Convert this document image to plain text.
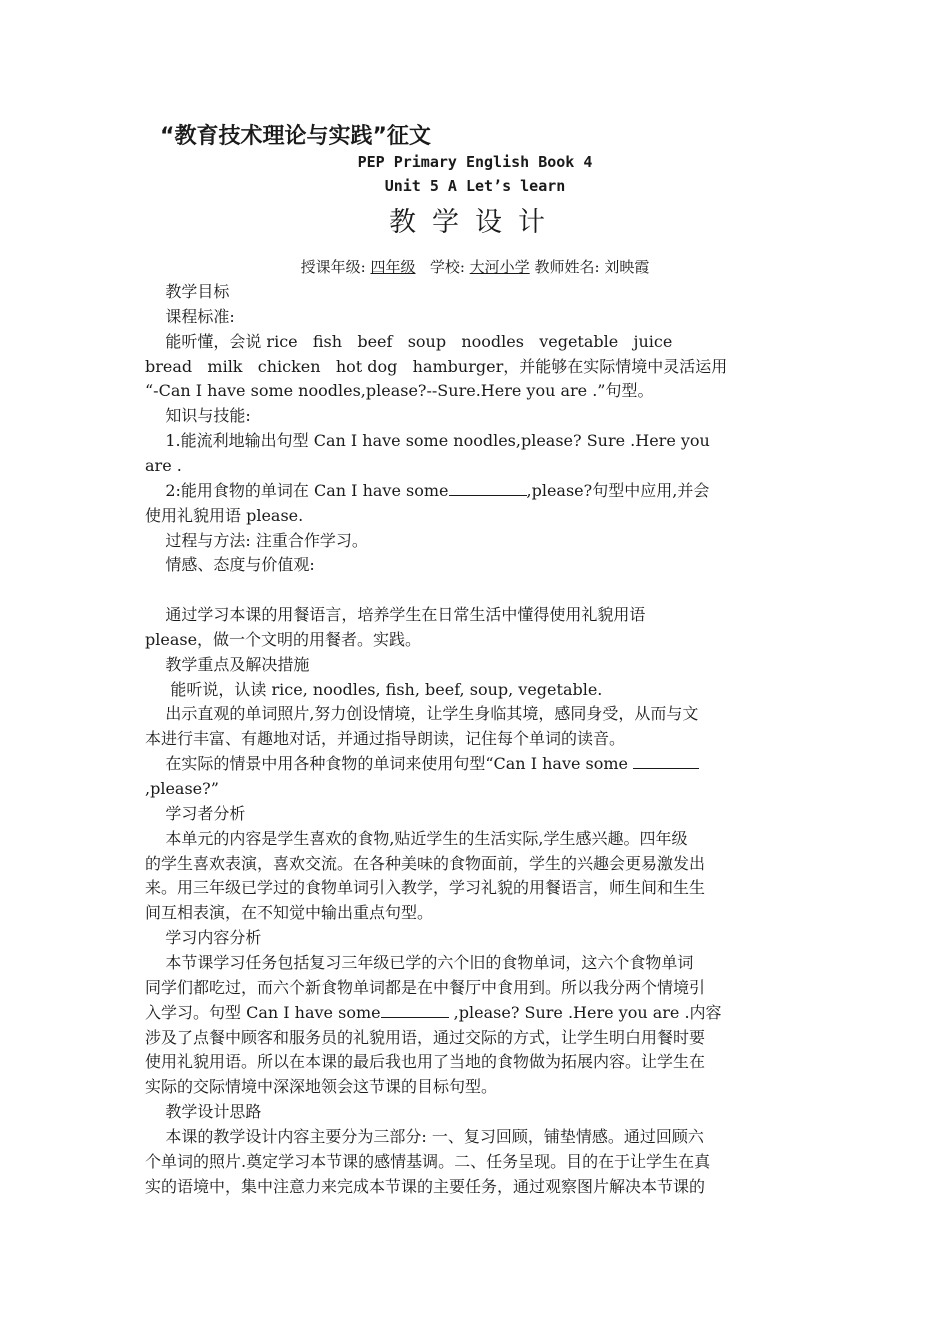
“教育技术理论与实践”征文
PEP Primary English Book 4
Unit 5 A Let’s learn
教学设计
授课年级: 四年级 学校: 大河小学 教师姓名: 刘映霞
教学目标
课程标准:
能听懂，会说 rice   fish   beef   soup   noodles   vegetable   juice
bread   milk   chicken   hot dog   hamburger，并能够在实际情境中灵活运用
“-Can I have some noodles,please?--Sure.Here you are .”句型。
知识与技能:
1.能流利地输出句型 Can I have some noodles,please? Sure .Here you
are .
2:能用食物的单词在 Can I have some	,please?句型中应用,并会
使用礼貌用语 please.
过程与方法: 注重合作学习。
情感、态度与价值观:
通过学习本课的用餐语言，培养学生在日常生活中懂得使用礼貌用语
please，做一个文明的用餐者。实践。
教学重点及解决措施
能听说，认读 rice, noodles, fish, beef, soup, vegetable.
出示直观的单词照片,努力创设情境，让学生身临其境，感同身受，从而与文
本进行丰富、有趣地对话，并通过指导朗读，记住每个单词的读音。
在实际的情景中用各种食物的单词来使用句型“Can I have some
,please?”
学习者分析
本单元的内容是学生喜欢的食物,贴近学生的生活实际,学生感兴趣。四年级
的学生喜欢表演，喜欢交流。在各种美味的食物面前，学生的兴趣会更易激发出
来。用三年级已学过的食物单词引入教学，学习礼貌的用餐语言，师生间和生生
间互相表演，在不知觉中输出重点句型。
学习内容分析
本节课学习任务包括复习三年级已学的六个旧的食物单词，这六个食物单词
同学们都吃过，而六个新食物单词都是在中餐厅中食用到。所以我分两个情境引
入学习。句型 Can I have some	,please? Sure .Here you are .内容
涉及了点餐中顾客和服务员的礼貌用语，通过交际的方式，让学生明白用餐时要
使用礼貌用语。所以在本课的最后我也用了当地的食物做为拓展内容。让学生在
实际的交际情境中深深地领会这节课的目标句型。
教学设计思路
本课的教学设计内容主要分为三部分: 一、复习回顾，铺垫情感。通过回顾六
个单词的照片.奠定学习本节课的感情基调。二、任务呈现。目的在于让学生在真
实的语境中，集中注意力来完成本节课的主要任务，通过观察图片解决本节课的
